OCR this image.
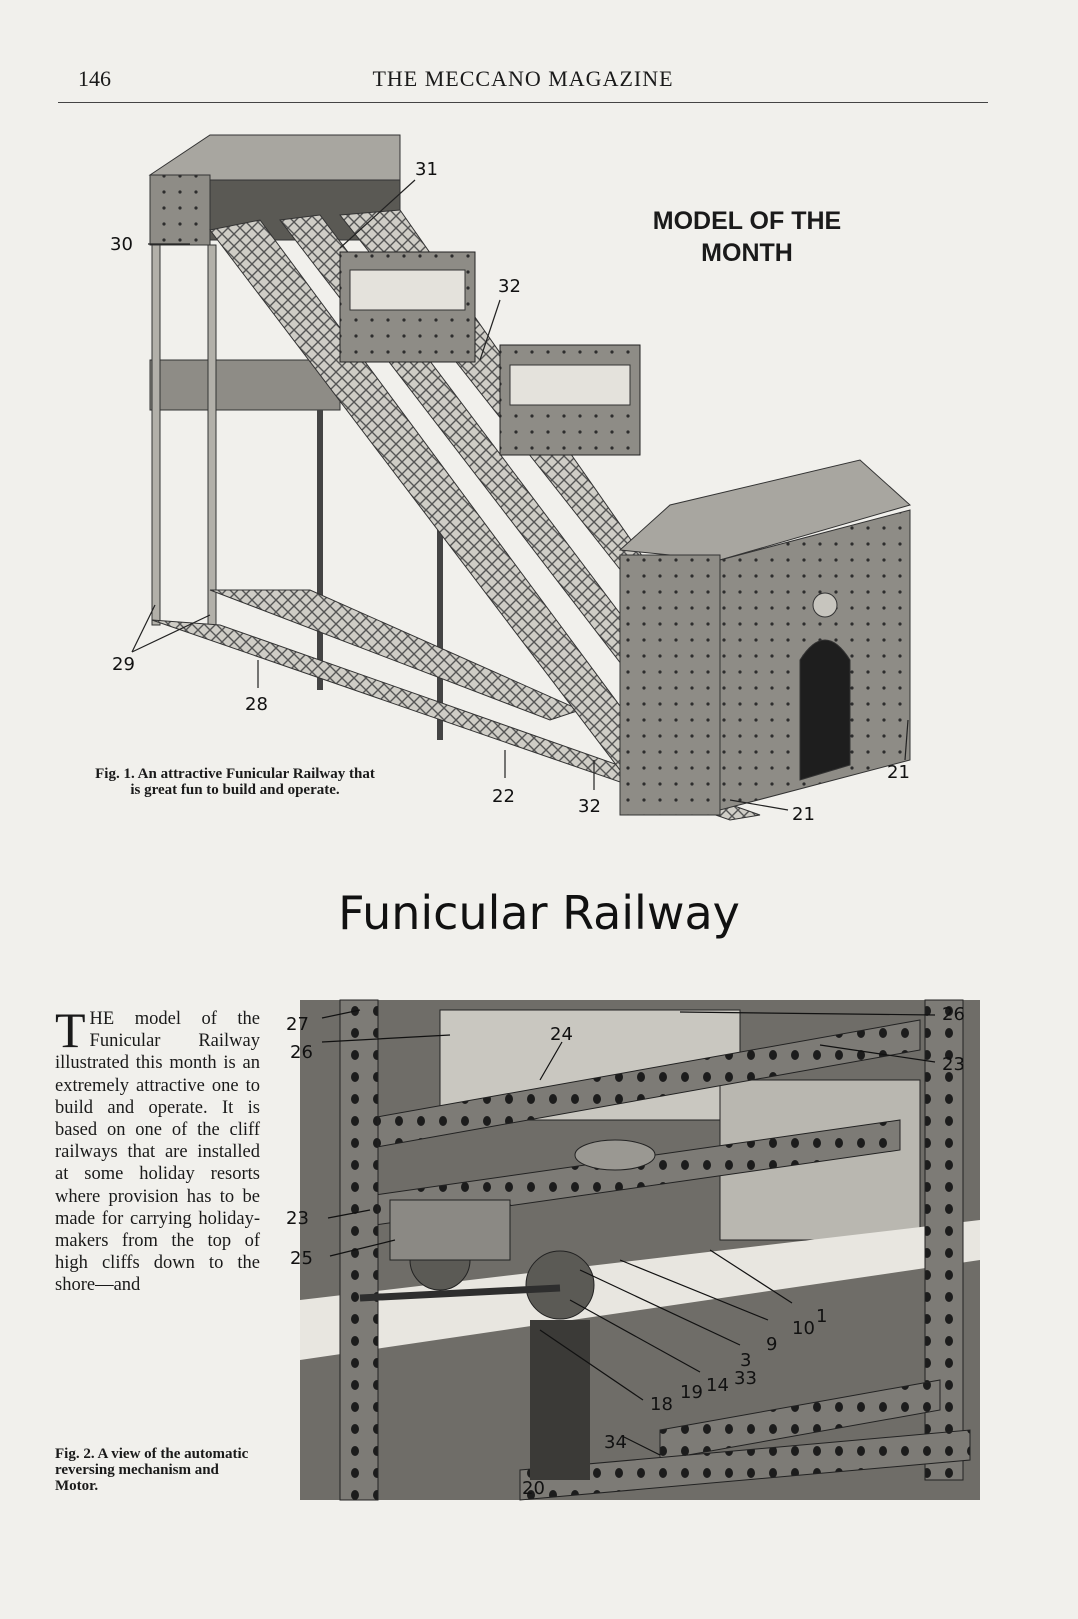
146	THE MECCANO MAGAZINE
31
30
32
29
28
22	32
21
21
MODEL OF THE MONTH
Fig. 1. An attractive Funicular Railway that is great fun to build and operate.
Funicular Railway
THE model of the Funicular Railway illustrated this month is an extremely attractive one to build and operate. It is based on one of the cliff railways that are installed at some holiday resorts where provision has to be made for carrying holiday-makers from the top of high cliffs down to the shore—and
Fig. 2. A view of the automatic reversing mechanism and Motor.
27
26
24
26
23
23
25
10
1
9
3
14
19
33
18
34
20
